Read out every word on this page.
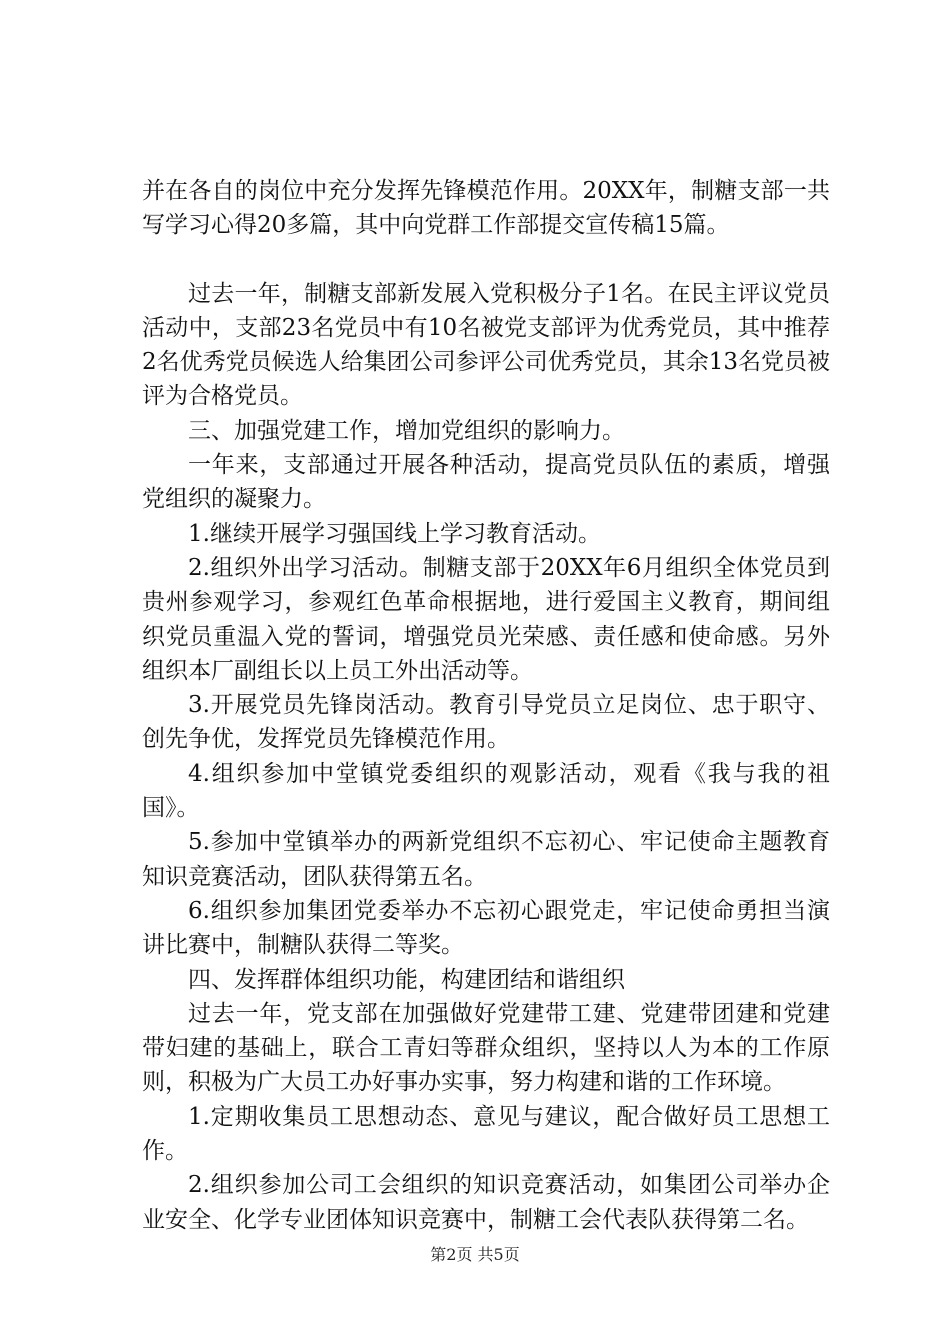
并在各自的岗位中充分发挥先锋模范作用。20XX年，制糖支部一共写学习心得20多篇，其中向党群工作部提交宣传稿15篇。

过去一年，制糖支部新发展入党积极分子1名。在民主评议党员活动中，支部23名党员中有10名被党支部评为优秀党员，其中推荐2名优秀党员候选人给集团公司参评公司优秀党员，其余13名党员被评为合格党员。

三、加强党建工作，增加党组织的影响力。

一年来，支部通过开展各种活动，提高党员队伍的素质，增强党组织的凝聚力。

1.继续开展学习强国线上学习教育活动。

2.组织外出学习活动。制糖支部于20XX年6月组织全体党员到贵州参观学习，参观红色革命根据地，进行爱国主义教育，期间组织党员重温入党的誓词，增强党员光荣感、责任感和使命感。另外组织本厂副组长以上员工外出活动等。

3.开展党员先锋岗活动。教育引导党员立足岗位、忠于职守、创先争优，发挥党员先锋模范作用。

4.组织参加中堂镇党委组织的观影活动，观看《我与我的祖国》。

5.参加中堂镇举办的两新党组织不忘初心、牢记使命主题教育知识竞赛活动，团队获得第五名。

6.组织参加集团党委举办不忘初心跟党走，牢记使命勇担当演讲比赛中，制糖队获得二等奖。

四、发挥群体组织功能，构建团结和谐组织

过去一年，党支部在加强做好党建带工建、党建带团建和党建带妇建的基础上，联合工青妇等群众组织，坚持以人为本的工作原则，积极为广大员工办好事办实事，努力构建和谐的工作环境。

1.定期收集员工思想动态、意见与建议，配合做好员工思想工作。

2.组织参加公司工会组织的知识竞赛活动，如集团公司举办企业安全、化学专业团体知识竞赛中，制糖工会代表队获得第二名。

第2页 共5页
